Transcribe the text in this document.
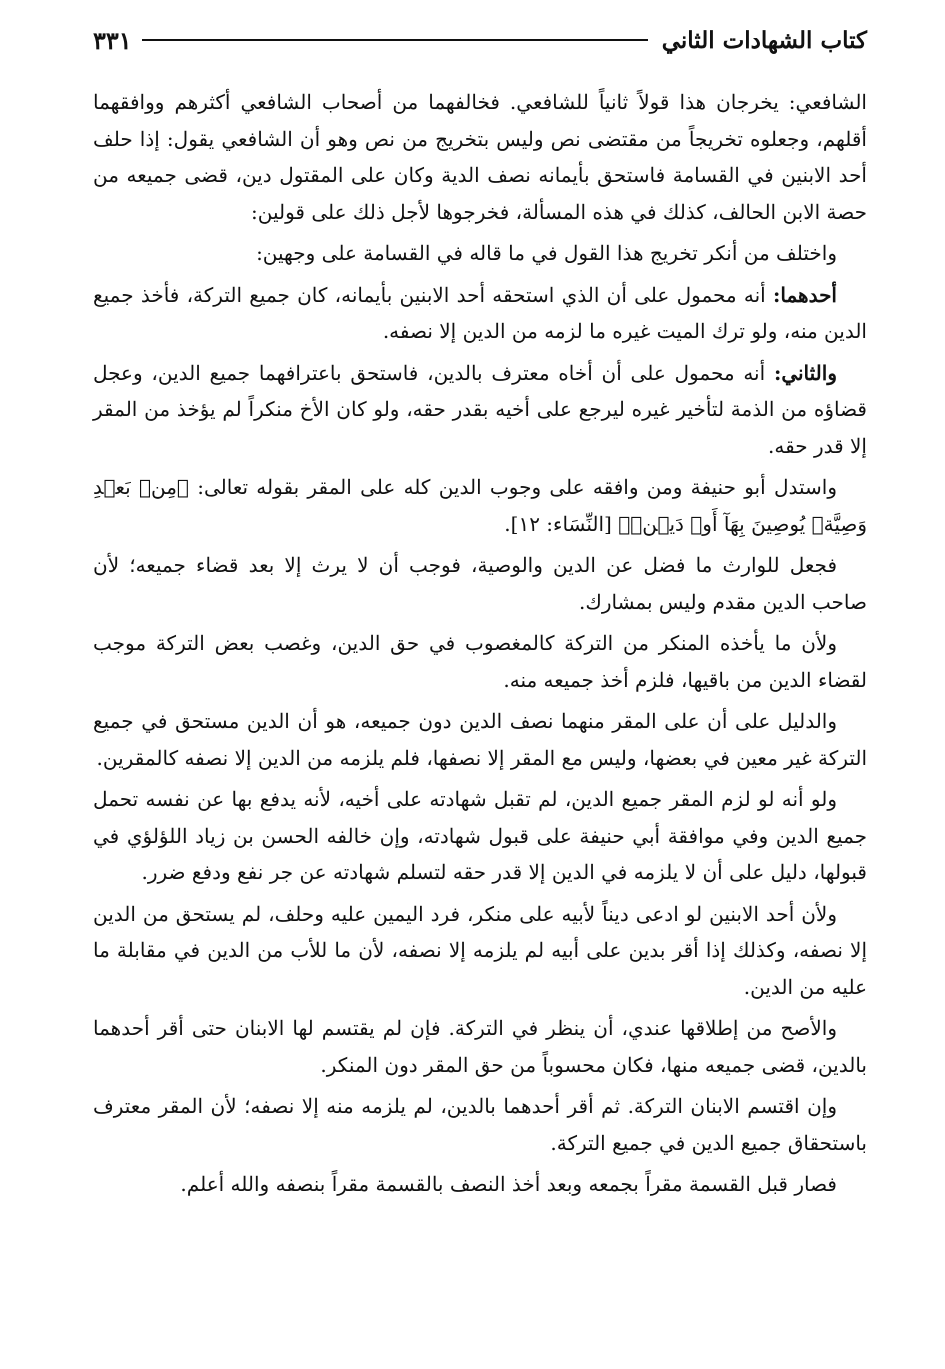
كتاب الشهادات الثاني
٣٣١

الشافعي: يخرجان هذا قولاً ثانياً للشافعي. فخالفهما من أصحاب الشافعي أكثرهم ووافقهما أقلهم، وجعلوه تخريجاً من مقتضى نص وليس بتخريج من نص وهو أن الشافعي يقول: إذا حلف أحد الابنين في القسامة فاستحق بأيمانه نصف الدية وكان على المقتول دين، قضى جميعه من حصة الابن الحالف، كذلك في هذه المسألة، فخرجوها لأجل ذلك على قولين:

واختلف من أنكر تخريج هذا القول في ما قاله في القسامة على وجهين:

أحدهما: أنه محمول على أن الذي استحقه أحد الابنين بأيمانه، كان جميع التركة، فأخذ جميع الدين منه، ولو ترك الميت غيره ما لزمه من الدين إلا نصفه.

والثاني: أنه محمول على أن أخاه معترف بالدين، فاستحق باعترافهما جميع الدين، وعجل قضاؤه من الذمة لتأخير غيره ليرجع على أخيه بقدر حقه، ولو كان الأخ منكراً لم يؤخذ من المقر إلا قدر حقه.

واستدل أبو حنيفة ومن وافقه على وجوب الدين كله على المقر بقوله تعالى: ﴿مِنۢ بَعۡدِ وَصِيَّةٖ يُوصِينَ بِهَآ أَوۡ دَيۡنٖ﴾ [النِّسَاء: ١٢].

فجعل للوارث ما فضل عن الدين والوصية، فوجب أن لا يرث إلا بعد قضاء جميعه؛ لأن صاحب الدين مقدم وليس بمشارك.

ولأن ما يأخذه المنكر من التركة كالمغصوب في حق الدين، وغصب بعض التركة موجب لقضاء الدين من باقيها، فلزم أخذ جميعه منه.

والدليل على أن على المقر منهما نصف الدين دون جميعه، هو أن الدين مستحق في جميع التركة غير معين في بعضها، وليس مع المقر إلا نصفها، فلم يلزمه من الدين إلا نصفه كالمقرين.

ولو أنه لو لزم المقر جميع الدين، لم تقبل شهادته على أخيه، لأنه يدفع بها عن نفسه تحمل جميع الدين وفي موافقة أبي حنيفة على قبول شهادته، وإن خالفه الحسن بن زياد اللؤلؤي في قبولها، دليل على أن لا يلزمه في الدين إلا قدر حقه لتسلم شهادته عن جر نفع ودفع ضرر.

ولأن أحد الابنين لو ادعى ديناً لأبيه على منكر، فرد اليمين عليه وحلف، لم يستحق من الدين إلا نصفه، وكذلك إذا أقر بدين على أبيه لم يلزمه إلا نصفه، لأن ما للأب من الدين في مقابلة ما عليه من الدين.

والأصح من إطلاقها عندي، أن ينظر في التركة. فإن لم يقتسم لها الابنان حتى أقر أحدهما بالدين، قضى جميعه منها، فكان محسوباً من حق المقر دون المنكر.

وإن اقتسم الابنان التركة. ثم أقر أحدهما بالدين، لم يلزمه منه إلا نصفه؛ لأن المقر معترف باستحقاق جميع الدين في جميع التركة.

فصار قبل القسمة مقراً بجمعه وبعد أخذ النصف بالقسمة مقراً بنصفه والله أعلم.
